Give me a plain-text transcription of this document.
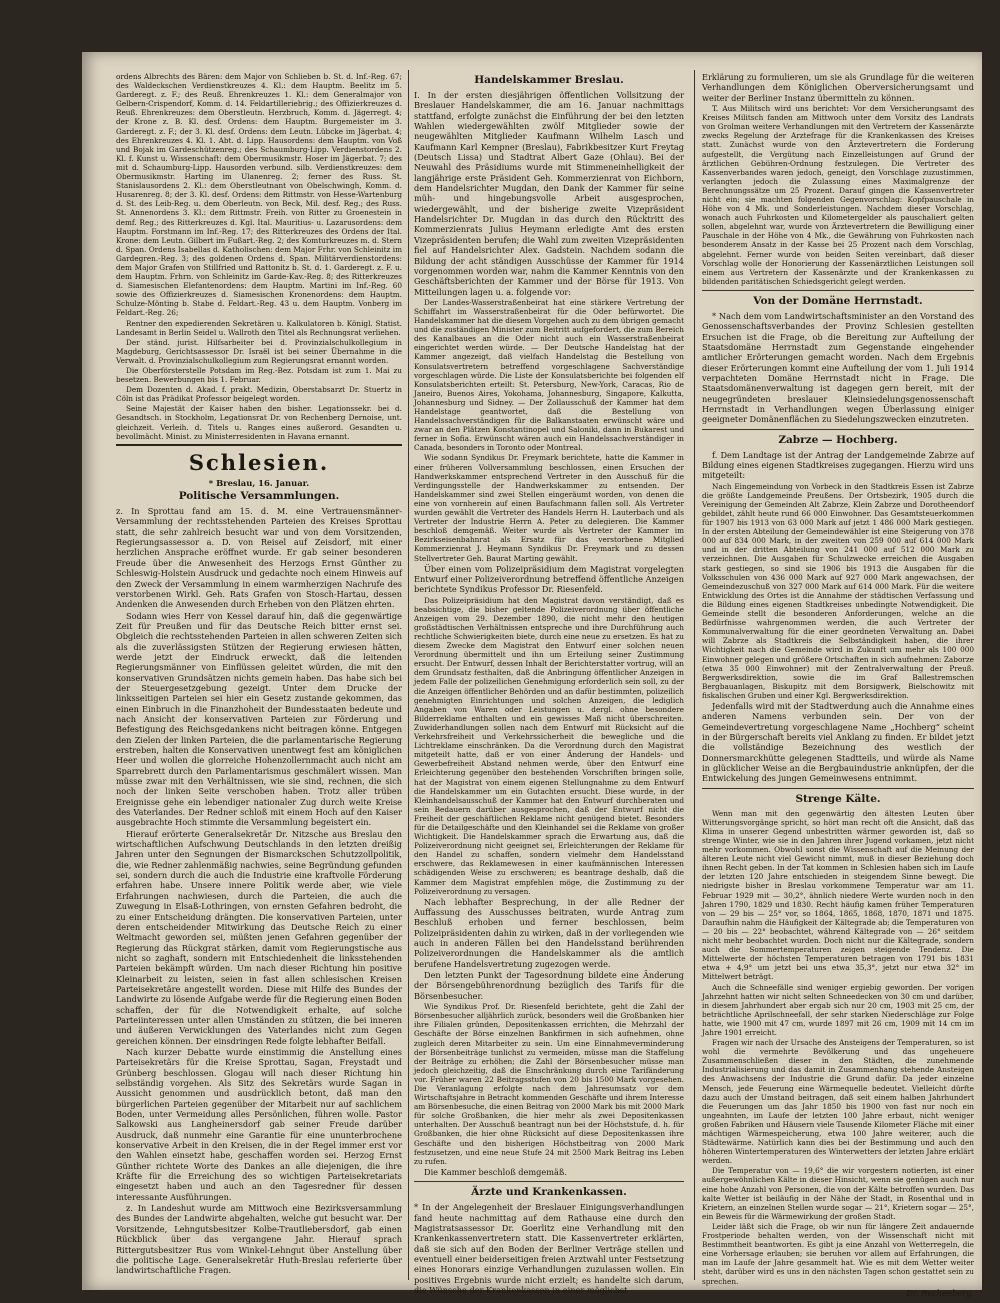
ordens Albrechts des Bären: dem Major von Schlieben b. St. d. Inf.-Reg. 67; des Waldeckschen Verdienstkreuzes 4. Kl.: dem Hauptm. Beelitz im 5. Garderegt. z. F.; des Reuß. Ehrenkreuzes 1. Kl.: dem Generalmajor von Gelbern-Crispendorf, Komm. d. 14. Feldartilleriebrig.; des Offizierkreuzes d. Reuß. Ehrenkreuzes: dem Oberstleutn. Herzbruch, Komm. d. Jägerregt. 4; der Krone z. B. Kl. desf. Ordens: dem Hauptm. Burgemeister im 3. Garderegt. z. F.; der 3. Kl. desf. Ordens: dem Leutn. Lübcke im Jägerbat. 4; des Ehrenkreuzes 4. Kl. 1. Abt. d. Lipp. Hausordens: dem Hauptm. von Voß und Bojak im Gardeschützenreg.; des Schaumburg-Lipp. Verdienstordens 2. Kl. f. Kunst u. Wissenschaft: dem Obermusikmstr. Hoser im Jägerbat. 7; des mit d. Schaumburg-Lipp. Hausorden verbund. silb. Verdienstkreuzes: dem Obermusikmstr. Harting im Ulanenreg. 2; ferner des Russ. St. Stanislausordens 2. Kl.: dem Oberstleutnant von Obelschwingh, Komm. d. Husarenreg. 8; der 3. Kl. desf. Ordens: dem Rittmstr. von Hesse-Wartenburg d. St. des Leib-Reg. u. dem Oberleutn. von Beck, Mil. desf. Reg.; des Russ. St. Annenordens 3. Kl.: dem Rittmstr. Freih. von Ritter zu Groenestein in demf. Reg.; des Ritterkreuzes d. Kgl. Ital. Mauritius- u. Lazarusordens: dem Hauptm. Forstmann im Inf.-Reg. 17; des Ritterkreuzes des Ordens der Ital. Krone: dem Leutn. Gilbert im Fußart.-Reg. 2; des Komturkreuzes m. d. Stern d. Span. Ordens Isabellas d. Katholischen: dem Major Frhr. von Schleinitz im Gardegren.-Reg. 3; des goldenen Ordens d. Span. Militärverdienstordens: dem Major Grafen von Stillfried und Rattonitz b. St. d. 1. Garderegt. z. F. u. dem Hauptm. Frhrn. von Schleinitz im Garde-Kav.-Reg. 8; des Ritterkreuzes d. Siamesischen Elefantenordens: dem Hauptm. Martini im Inf.-Reg. 60 sowie des Offizierkreuzes d. Siamesischen Kronenordens: dem Hauptm. Schulze-Mönting b. Stabe d. Feldart.-Reg. 43 u. dem Hauptm. Vonberg im Feldart.-Reg. 26;

Rentner den expedierenden Sekretären u. Kalkulatoren b. Königl. Statist. Landesamt in Berlin Seidel u. Wallroth den Titel als Rechnungsrat verliehen.

Der ständ. jurist. Hilfsarbeiter bei d. Provinzialschulkollegium in Magdeburg, Gerichtsassessor Dr. Israël ist bei seiner Übernahme in die Verwalt. d. Provinzialschulkollegium zum Regierungsrat ernannt worden.

Die Oberförsterstelle Potsdam im Reg.-Bez. Potsdam ist zum 1. Mai zu besetzen. Bewerbungen bis 1. Februar.

Dem Dozenten d. Akad. f. prakt. Medizin, Oberstabsarzt Dr. Stuertz in Cöln ist das Prädikat Professor beigelegt worden.

Seine Majestät der Kaiser haben den bisher. Legationssekr. bei d. Gesandtsch. in Stockholm, Legationsrat Dr. von Rechenberg Dernoise, unt. gleichzeit. Verleih. d. Titels u. Ranges eines außerord. Gesandten u. bevollmächt. Minist. zu Ministerresidenten in Havana ernannt.

Schlesien.
* Breslau, 16. Januar.
Politische Versammlungen.

z. In Sprottau fand am 15. d. M. eine Vertrauensmänner-Versammlung der rechtsstehenden Parteien des Kreises Sprottau statt, die sehr zahlreich besucht war und von dem Vorsitzenden, Regierungsassessor a. D. von Reisel auf Zeisdorf, mit einer herzlichen Ansprache eröffnet wurde. Er gab seiner besonderen Freude über die Anwesenheit des Herzogs Ernst Günther zu Schleswig-Holstein Ausdruck und gedachte noch einem Hinweis auf den Zweck der Versammlung in einem warmherzigen Nachrufe des verstorbenen Wirkl. Geh. Rats Grafen von Stosch-Hartau, dessen Andenken die Anwesenden durch Erheben von den Plätzen ehrten.

Sodann wies Herr von Kessel darauf hin, daß die gegenwärtige Zeit für Preußen und für das Deutsche Reich bitter ernst sei. Obgleich die rechtsstehenden Parteien in allen schweren Zeiten sich als die zuverlässigsten Stützen der Regierung erwiesen hätten, werde jetzt der Eindruck erweckt, daß die leitenden Regierungsmänner von Einflüssen geleitet würden, die mit den konservativen Grundsätzen nichts gemein haben. Das habe sich bei der Steuergesetzgebung gezeigt. Unter dem Drucke der linksseitigen Parteien sei hier ein Gesetz zustande gekommen, das einen Einbruch in die Finanzhoheit der Bundesstaaten bedeute und nach Ansicht der konservativen Parteien zur Förderung und Befestigung des Reichsgedankens nicht beitragen könne. Entgegen den Zielen der linken Parteien, die die parlamentarische Regierung erstreben, halten die Konservativen unentwegt fest am königlichen Heer und wollen die glorreiche Hohenzollernmacht auch nicht am Sparrebrett durch den Parlamentarismus geschmälert wissen. Man müsse zwar mit den Verhältnissen, wie sie sind, rechnen, die sich noch der linken Seite verschoben haben. Trotz aller trüben Ereignisse gehe ein lebendiger nationaler Zug durch weite Kreise des Vaterlandes. Der Redner schloß mit einem Hoch auf den Kaiser ausgebrachte Hoch stimmte die Versammlung begeistert ein.

Hierauf erörterte Generalsekretär Dr. Nitzsche aus Breslau den wirtschaftlichen Aufschwung Deutschlands in den letzten dreißig Jahren unter den Segnungen der Bismarckschen Schutzzollpolitik, die, wie Redner zahlenmäßig nachwies, seine Begründung gefunden sei, sondern durch die auch die Industrie eine kraftvolle Förderung erfahren habe. Unsere innere Politik werde aber, wie viele Erfahrungen nachwiesen, durch die Parteien, die auch die Zuwegung in Elsaß-Lothringen, von ernsten Gefahren bedroht, die zu einer Entscheidung drängten. Die konservativen Parteien, unter deren entscheidender Mitwirkung das Deutsche Reich zu einer Weltmacht geworden sei, müßten jenen Gefahren gegenüber der Regierung das Rückgrat stärken, damit vom Regierungstische aus nicht so zaghaft, sondern mit Entschiedenheit die linksstehenden Parteien bekämpft würden. Um nach dieser Richtung hin positive Kleinarbeit zu leisten, seien in fast allen schlesischen Kreisen Parteisekretäre angestellt worden. Diese mit Hilfe des Bundes der Landwirte zu lösende Aufgabe werde für die Regierung einen Boden schaffen, der für die Notwendigkeit erhalte, auf solche Parteiinteressen unter allen Umständen zu stützen, die bei inneren und äußeren Verwicklungen des Vaterlandes nicht zum Gegen gereichen können. Der einsdringen Rede folgte lebhafter Beifall.

Nach kurzer Debatte wurde einstimmig die Anstellung eines Parteisekretärs für die Kreise Sprottau, Sagan, Freystadt und Grünberg beschlossen. Glogau will nach dieser Richtung hin selbständig vorgehen. Als Sitz des Sekretärs wurde Sagan in Aussicht genommen und ausdrücklich betont, daß man den bürgerlichen Parteien gegenüber der Mitarbeit nur auf sachlichem Boden, unter Vermeidung alles Persönlichen, führen wolle. Pastor Salkowski aus Langheinersdorf gab seiner Freude darüber Ausdruck, daß nunmehr eine Garantie für eine ununterbrochene konservative Arbeit in den Kreisen, die in der Regel immer erst vor den Wahlen einsetzt habe, geschaffen worden sei. Herzog Ernst Günther richtete Worte des Dankes an alle diejenigen, die ihre Kräfte für die Erreichung des so wichtigen Parteisekretariats eingesetzt haben und auch an den Tagesredner für dessen interessante Ausführungen.

z. In Landeshut wurde am Mittwoch eine Bezirksversammlung des Bundes der Landwirte abgehalten, welche gut besucht war. Der Vorsitzende, Lehngutsbesitzer Kolbe-Trautliebersdorf, gab einen Rückblick über das vergangene Jahr. Hierauf sprach Rittergutsbesitzer Rus vom Winkel-Lehngut über Anstellung über die politische Lage. Generalsekretär Huth-Breslau referierte über landwirtschaftliche Fragen.

Handelskammer Breslau.

I. In der ersten diesjährigen öffentlichen Vollsitzung der Breslauer Handelskammer, die am 16. Januar nachmittags stattfand, erfolgte zunächst die Einführung der bei den letzten Wahlen wiedergewählten zwölf Mitglieder sowie der neugewählten Mitglieder Kaufmann Wilhelm Lasch und Kaufmann Karl Kempner (Breslau), Fabrikbesitzer Kurt Freytag (Deutsch Lissa) und Stadtrat Albert Gaze (Ohlau). Bei der Neuwahl des Präsidiums wurde mit Stimmeneinhelligkeit der langjährige erste Präsident Geh. Kommerzienrat von Eichborn, dem Handelsrichter Mugdan, den Dank der Kammer für seine müh- und hingebungsvolle Arbeit ausgesprochen, wiedergewählt, und der bisherige zweite Vizepräsident Handelsrichter Dr. Mugdan in das durch den Rücktritt des Kommerzienrats Julius Heymann erledigte Amt des ersten Vizepräsidenten berufen; die Wahl zum zweiten Vizepräsidenten fiel auf Handelsrichter Alex. Gadstein. Nachdem sodann die Bildung der acht ständigen Ausschüsse der Kammer für 1914 vorgenommen worden war, nahm die Kammer Kenntnis von den Geschäftsberichten der Kammer und der Börse für 1913. Von Mitteilungen lagen u. a. folgende vor:

Der Landes-Wasserstraßenbeirat hat eine stärkere Vertretung der Schiffahrt im Wasserstraßenbeirat für die Oder befürwortet. Die Handelskammer hat die diesem Vorgehen auch zu dem übrigen gemacht und die zuständigen Minister zum Beitritt aufgefordert, die zum Bereich des Kanalbaues an die Oder nicht auch ein Wasserstraßenbeirat eingerichtet werden würde. — Der Deutsche Handelstag hat der Kammer angezeigt, daß vielfach Handelstag die Bestellung von Konsulatsvertretern betreffend vorgeschlagene Sachverständige vorgeschlagen würde. Die Liste der Konsulatsberichte bei folgenden elf Konsulatsberichten erteilt: St. Petersburg, New-York, Caracas, Rio de Janeiro, Buenos Aires, Yokohama, Johannesburg, Singapore, Kalkutta, Johannesburg und Sidney. — Der Zollausschuß der Kammer hat dem Handelstage geantwortet, daß die Bestellung von Handelssachverständigen für die Balkanstaaten erwünscht wäre und zwar an den Plätzen Konstantinopel und Saloniki, dann in Bukarest und ferner in Sofia. Erwünscht wären auch ein Handelssachverständiger in Canada, besonders in Toronto oder Montreal.

Wie sodann Syndikus Dr. Freymark berichtete, hatte die Kammer in einer früheren Vollversammlung beschlossen, einen Ersuchen der Handwerkskammer entsprechend Vertreter in den Ausschuß für die Verdingungsstelle der Handwerkskammer zu entsenden. Der Handelskammer sind zwei Stellen eingeräumt worden, von denen die eine von vornherein auf einen Baufachmann fallen soll. Als Vertreter wurden gewählt die Vertreter des Handels Herrn H. Lauterbach und als Vertreter der Industrie Herrn A. Peter zu delegieren. Die Kammer beschloß demgemäß. Weiter wurde als Vertreter der Kammer im Bezirkseisenbahnrat als Ersatz für das verstorbene Mitglied Kommerzienrat J. Heymann Syndikus Dr. Freymark und zu dessen Stellvertreter Geh. Baurat Marting gewählt.

Über einen vom Polizeipräsidium dem Magistrat vorgelegten Entwurf einer Polizeiverordnung betreffend öffentliche Anzeigen berichtete Syndikus Professor Dr. Riesenfeld.

Das Polizeipräsidium hat den Magistrat davon verständigt, daß es beabsichtige, die bisher geltende Polizeiverordnung über öffentliche Anzeigen vom 29. Dezember 1890, die nicht mehr den heutigen großstädtischen Verhältnissen entspreche und ihre Durchführung auch rechtliche Schwierigkeiten biete, durch eine neue zu ersetzen. Es hat zu diesem Zwecke dem Magistrat den Entwurf einer solchen neuen Verordnung übermittelt und ihn um Erteilung seiner Zustimmung ersucht. Der Entwurf, dessen Inhalt der Berichterstatter vortrug, will an dem Grundsatz festhalten, daß die Anbringung öffentlicher Anzeigen in jedem Falle der polizeilichen Genehmigung erforderlich sein soll, zu der die Anzeigen öffentlicher Behörden und an dafür bestimmten, polizeilich genehmigten Einrichtungen und solchen Anzeigen, die lediglich Angaben von Waren oder Leistungen u. dergl. ohne besondere Bilderreklame enthalten und ein gewisses Maß nicht überschreiten. Zuwiderhandlungen sollen nach dem Entwurf mit Rücksicht auf die Verkehrsfreiheit und Verkehrssicherheit die bewegliche und die Lichtreklame einschränken. Da die Verordnung durch den Magistrat mitgeteilt hatte, daß er von einer Änderung der Handels- und Gewerbefreiheit Abstand nehmen werde, über den Entwurf eine Erleichterung gegenüber den bestehenden Vorschriften bringen solle, hat der Magistrat von einem eigenen Stellungnahme zu dem Entwurf die Handelskammer um ein Gutachten ersucht. Diese wurde, in der Kleinhandelsausschuß der Kammer hat den Entwurf durchberaten und sein Bedauern darüber ausgesprochen, daß der Entwurf nicht die Freiheit der geschäftlichen Reklame nicht genügend bietet. Besonders für die Detailgeschäfte und den Kleinhandel sei die Reklame von großer Wichtigkeit. Die Handelskammer sprach die Erwartung aus, daß die Polizeiverordnung nicht geeignet sei, Erleichterungen der Reklame für den Handel zu schaffen, sondern vielmehr dem Handelsstand erschwere, das Reklamewesen in einer kaufmännischen Interessen schädigenden Weise zu erschweren; es beantrage deshalb, daß die Kammer dem Magistrat empfehlen möge, die Zustimmung zu der Polizeiverordnung zu versagen.

Nach lebhafter Besprechung, in der alle Redner der Auffassung des Ausschusses beitraten, wurde Antrag zum Beschluß erhoben und ferner beschlossen, beim Polizeipräsidenten dahin zu wirken, daß in der vorliegenden wie auch in anderen Fällen bei den Handelsstand berührenden Polizeiverordnungen die Handelskammer als die amtlich berufene Handelsvertretung zugezogen werde.

Den letzten Punkt der Tagesordnung bildete eine Änderung der Börsengebührenordnung bezüglich des Tarifs für die Börsenbesucher.

Wie Syndikus Prof. Dr. Riesenfeld berichtete, geht die Zahl der Börsenbesucher alljährlich zurück, besonders weil die Großbanken hier ihre Filialen gründen, Depositenkassen errichten, die Mehrzahl der Geschäfte der Börse einzelnen Bankfirmen in sich aufnehmen, ohne zugleich deren Mitarbeiter zu sein. Um eine Einnahmeverminderung der Börsenbeiträge tunlichst zu vermeiden, müsse man die Staffelung der Beiträge zu erhöhen; die Zahl der Börsenbesucher müsse man jedoch gleichzeitig, daß die Einschränkung durch eine Tarifänderung vor. Früher waren 22 Beitragsstufen von 20 bis 1500 Mark vorgesehen. Die Veranlagung erfolgte nach dem Jahresumsatz vor dem Wirtschaftsjahre in Betracht kommenden Geschäfte und ihrem Interesse am Börsenbesuche, die einen Beitrag von 2000 Mark bis mit 2000 Mark für solche Großbanken, die hier mehr als zwei Depositenkassen unterhalten. Der Ausschuß beantragt nun bei der Höchststufe, d. h. für Großbanken, die hier ohne Rücksicht auf diese Depositenkassen ihre Geschäfte und den bisherigen Höchstbeitrag von 2000 Mark festzusetzen, und eine neue Stufe 24 mit 2500 Mark Beitrag ins Leben zu rufen.

Die Kammer beschloß demgemäß.

Ärzte und Krankenkassen.

* In der Angelegenheit der Breslauer Einigungsverhandlungen fand heute nachmittag auf dem Rathause eine durch den Magistratsassessor Dr. Goerlitz eine Verhandlung mit den Krankenkassenvertretern statt. Die Kassenvertreter erklärten, daß sie sich auf den Boden der Berliner Verträge stellen und eventuell einer beiderseitigen freien Arztwahl unter Festsetzung eines Honorars einzige Verhandlungen zuzulassen wollen. Ein positives Ergebnis wurde nicht erzielt; es handelte sich darum, die Wünsche der Krankenkassen in einer möglichst

Erklärung zu formulieren, um sie als Grundlage für die weiteren Verhandlungen dem Königlichen Oberversicherungsamt und weiter der Berliner Instanz übermitteln zu können.

T. Aus Militsch wird uns berichtet: Vor dem Versicherungsamt des Kreises Militsch fanden am Mittwoch unter dem Vorsitz des Landrats von Grolman weitere Verhandlungen mit den Vertretern der Kassenärzte zwecks Regelung der Arztefrage für die Krankenkassen des Kreises statt. Zunächst wurde von den Ärztevertretern die Forderung aufgestellt, die Vergütung nach Einzelleistungen auf Grund der ärztlichen Gebühren-Ordnung festzulegen. Die Vertreter des Kassenverbandes waren jedoch, geneigt, den Vorschlage zuzustimmen, verlangten jedoch die Zulassung eines Maximalgrenze der Berechnungssätze um 25 Prozent. Darauf gingen die Kassenvertreter nicht ein; sie machten folgenden Gegenvorschlag: Kopfpauschale in Höhe von 4 Mk. und Sonderleistungen. Nachdem dieser Vorschlag, wonach auch Fuhrkosten und Kilometergelder als pauschaliert gelten sollen, abgelehnt war, wurde von Ärztevertretern die Bewilligung einer Pauschale in der Höhe von 4 Mk., die Gewährung von Fuhrkosten nach besonderem Ansatz in der Kasse bei 25 Prozent nach dem Vorschlag, abgelehnt. Ferner wurde von beiden Seiten vereinbart, daß dieser Vorschlag wolle der Honorierung der Kassenärztlichen Leistungen soll einem aus Vertretern der Kassenärzte und der Krankenkassen zu bildenden paritätischen Schiedsgericht gelegt werden.

Von der Domäne Herrnstadt.

* Nach dem vom Landwirtschaftsminister an den Vorstand des Genossenschaftsverbandes der Provinz Schlesien gestellten Ersuchen ist die Frage, ob die Bereitung zur Aufteilung der Staatsdomäne Herrnstadt zum Gegenstande eingehender amtlicher Erörterungen gemacht worden. Nach dem Ergebnis dieser Erörterungen kommt eine Aufteilung der vom 1. Juli 1914 verpachteten Domäne Herrnstadt nicht in Frage. Die Staatsdomänenverwaltung ist dagegen gern bereit, mit der neugegründeten breslauer Kleinsiedelungsgenossenschaft Herrnstadt in Verhandlungen wegen Überlassung einiger geeigneter Domänenflächen zu Siedelungszwecken einzutreten.

Zabrze — Hochberg.

f. Dem Landtage ist der Antrag der Landgemeinde Zabrze auf Bildung eines eigenen Stadtkreises zugegangen. Hierzu wird uns mitgeteilt:

Nach Eingemeindung von Vorbeck in den Stadtkreis Essen ist Zabrze die größte Landgemeinde Preußens. Der Ortsbezirk, 1905 durch die Vereinigung der Gemeinden Alt Zabrze, Klein Zabrze und Dorotheendorf gebildet, zählt heute rund 66 000 Einwohner. Das Gesamtsteuerkommen für 1907 bis 1913 von 63 000 Mark auf jetzt 1 486 000 Mark gestiegen. In der ersten Abteilung der Gemeindewähler ist eine Steigerung von 378 000 auf 834 000 Mark, in der zweiten von 259 000 auf 614 000 Mark und in der dritten Abteilung von 241 000 auf 512 000 Mark zu verzeichnen. Die Ausgaben für Schulzwecke erreichen die Ausgaben stark gestiegen, so sind sie 1906 bis 1913 die Ausgaben für die Volksschulen von 436 000 Mark auf 927 000 Mark angewachsen, der Gemeindezuschuß von 327 000 Mark auf 614 000 Mark. Für die weitere Entwicklung des Ortes ist die Annahme der städtischen Verfassung und die Bildung eines eigenen Stadtkreises unbedingte Notwendigkeit. Die Gemeinde stellt die besonderen Anforderungen, welche an die Bedürfnisse wahrgenommen werden, die auch Vertreter der Kommunalverwaltung für die einer geordneten Verwaltung an. Dabei will Zabrze als Stadtkreis die Selbständigkeit haben, die ihrer Wichtigkeit nach die Gemeinde wird in Zukunft um mehr als 100 000 Einwohner gelegen und größere Ortschaften in sich aufnehmen: Zaborze (etwa 35 000 Einwohner) mit der Zentralverwaltung der Preuß. Bergwerksdirektion, sowie die im Graf Ballestremschen Bergbauanlagen, Biskupitz mit dem Borsigwerk, Bielschowitz mit fiskalischen Gruben und einer Kgl. Bergwerksdirektion.

Jedenfalls wird mit der Stadtwerdung auch die Annahme eines anderen Namens verbunden sein. Der von der Gemeindevertretung vorgeschlagene Name „Hochberg“ scheint in der Bürgerschaft bereits viel Anklang zu finden. Er bildet jetzt die vollständige Bezeichnung des westlich der Donnersmarckhütte gelegenen Stadtteils, und würde als Name in glücklicher Weise an die Bergbauindustrie anknüpfen, der die Entwickelung des jungen Gemeinwesens entnimmt.

Strenge Kälte.

Wenn man mit den gegenwärtig den ältesten Leuten über Witterungsvorgänge spricht, so hört man recht oft die Ansicht, daß das Klima in unserer Gegend unbestritten wärmer geworden ist, daß so strenge Winter, wie sie in den Jahren ihrer Jugend vorkamen, jetzt nicht mehr vorkommen. Obwohl sonst die Wissenschaft auf die Meinung der älteren Leute nicht viel Gewicht nimmt, muß in dieser Beziehung doch ihnen Recht geben. In der Tat kommen in Schlesien haben sich im Laufe der letzten 120 Jahre entschieden in steigendem Sinne bewegt. Die niedrigste bisher in Breslau vorkommene Temperatur war am 11. Februar 1929 mit — 30,2°, ähnlich niedere Werte wurden noch in den Jahren 1790, 1829 und 1830. Recht häufig kamen früher Temperaturen von — 29 bis — 25° vor, so 1864, 1865, 1868, 1870, 1871 und 1875. Daraufhin nahm die Häufigkeit der Kältegrade ab; die Temperaturen von — 20 bis — 22° beobachtet, während Kältegrade von — 26° seitdem nicht mehr beobachtet wurden. Doch nicht nur die Kältegrade, sondern auch die Sommertemperaturen zeigen steigende Tendenz. Die Mittelwerte der höchsten Temperaturen betragen von 1791 bis 1831 etwa + 4,9° um jetzt bei uns etwa 35,3°, jetzt nur etwa 32° im Mittelwert beträgt.

Auch die Schneefälle sind weniger ergiebig geworden. Der vorigen Jahrzehnt hatten wir nicht selten Schneedecken von 30 cm und darüber, in diesem Jahrhundert aber ergab sich nur 20 cm, 1903 mit 25 cm, der beträchtliche Aprilschneefall, der sehr starken Niederschläge zur Folge hatte, wie 1900 mit 47 cm, wurde 1897 mit 26 cm, 1909 mit 14 cm im Jahre 1901 erreicht.

Fragen wir nach der Ursache des Ansteigens der Temperaturen, so ist wohl die vermehrte Bevölkerung und das ungeheuere Zusammenschließen dieser in den Städten, die zunehmende Industrialisierung und das damit in Zusammenhang stehende Ansteigen des Anwachsens der Industrie die Grund dafür. Da jeder einzelne Mensch, jede Feuerung eine Wärmequelle bedeutet. Vielleicht dürfte dazu auch der Umstand beitragen, daß seit einem halben Jahrhundert die Feuerungen um das Jahr 1850 bis 1900 von fast nur noch ein ungeahnten, im Laufe der letzten 100 Jahre erbaut, nicht weniger großen Fabriken und Häusern viele Tausende Kilometer Fläche mit einer mächtigen Wärmespeicherung, etwa 100 Jahre weiterer, auch die Städtewärme. Natürlich kann dies bei der Bestimmung und auch den höheren Wintertemperaturen des Winterwetters der letzten Jahre erklärt werden.

Die Temperatur von — 19,6° die wir vorgestern notierten, ist einer außergewöhnlichen Kälte in dieser Hinsicht, wenn sie genügen auch nur eine hohe Anzahl von Personen, die von der Kälte betroffen wurden. Das kalte Wetter ist beiläufig in der Nähe der Stadt, in Rosenthal und in Krietern, an einzelnen Stellen wurde sogar — 21°, Krietern sogar — 25°, ein Beweis für die Wärmewirkung der großen Stadt.

Leider läßt sich die Frage, ob wir nun für längere Zeit andauernde Frostperiode behalten werden, von der Wissenschaft nicht mit Bestimmtheit beantworten. Es gibt ja eine Anzahl von Wetterregeln, die eine Vorhersage erlauben; sie beruhen vor allem auf Erfahrungen, die man im Laufe der Jahre gesammelt hat. Wie es mit dem Wetter weiter steht, darüber wird es uns in den nächsten Tagen schon gestattet sein zu sprechen.

Dr. Rechenberg.
